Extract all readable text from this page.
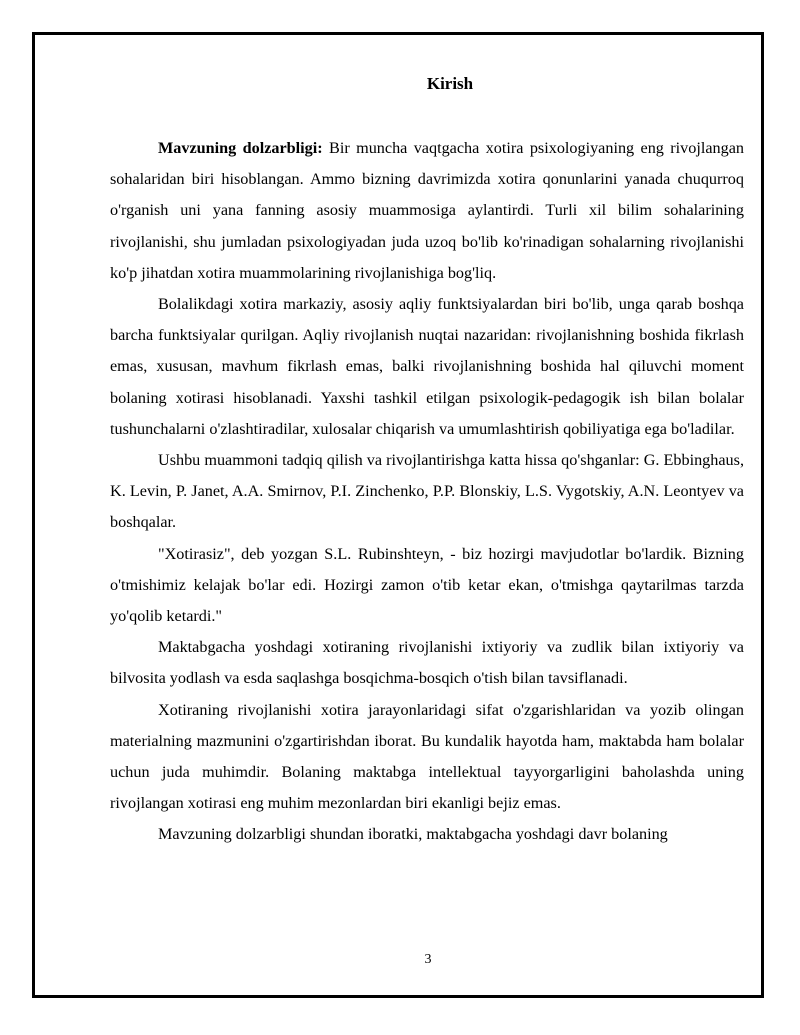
Kirish

Mavzuning dolzarbligi: Bir muncha vaqtgacha xotira psixologiyaning eng rivojlangan sohalaridan biri hisoblangan. Ammo bizning davrimizda xotira qonunlarini yanada chuqurroq o'rganish uni yana fanning asosiy muammosiga aylantirdi. Turli xil bilim sohalarining rivojlanishi, shu jumladan psixologiyadan juda uzoq bo'lib ko'rinadigan sohalarning rivojlanishi ko'p jihatdan xotira muammolarining rivojlanishiga bog'liq.

Bolalikdagi xotira markaziy, asosiy aqliy funktsiyalardan biri bo'lib, unga qarab boshqa barcha funktsiyalar qurilgan. Aqliy rivojlanish nuqtai nazaridan: rivojlanishning boshida fikrlash emas, xususan, mavhum fikrlash emas, balki rivojlanishning boshida hal qiluvchi moment bolaning xotirasi hisoblanadi. Yaxshi tashkil etilgan psixologik-pedagogik ish bilan bolalar tushunchalarni o'zlashtiradilar, xulosalar chiqarish va umumlashtirish qobiliyatiga ega bo'ladilar.

Ushbu muammoni tadqiq qilish va rivojlantirishga katta hissa qo'shganlar: G. Ebbinghaus, K. Levin, P. Janet, A.A. Smirnov, P.I. Zinchenko, P.P. Blonskiy, L.S. Vygotskiy, A.N. Leontyev va boshqalar.

"Xotirasiz", deb yozgan S.L. Rubinshteyn, - biz hozirgi mavjudotlar bo'lardik. Bizning o'tmishimiz kelajak bo'lar edi. Hozirgi zamon o'tib ketar ekan, o'tmishga qaytarilmas tarzda yo'qolib ketardi."

Maktabgacha yoshdagi xotiraning rivojlanishi ixtiyoriy va zudlik bilan ixtiyoriy va bilvosita yodlash va esda saqlashga bosqichma-bosqich o'tish bilan tavsiflanadi.

Xotiraning rivojlanishi xotira jarayonlaridagi sifat o'zgarishlaridan va yozib olingan materialning mazmunini o'zgartirishdan iborat. Bu kundalik hayotda ham, maktabda ham bolalar uchun juda muhimdir. Bolaning maktabga intellektual tayyorgarligini baholashda uning rivojlangan xotirasi eng muhim mezonlardan biri ekanligi bejiz emas.

Mavzuning dolzarbligi shundan iboratki, maktabgacha yoshdagi davr bolaning

3
